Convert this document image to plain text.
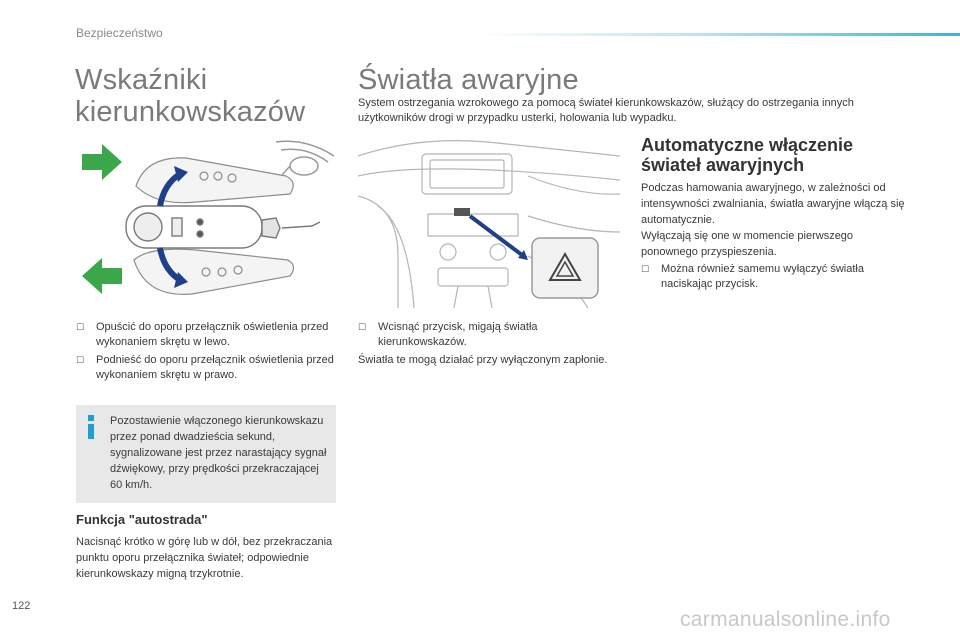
Bezpieczeństwo
Wskaźniki
kierunkowskazów
☐ Opuścić do oporu przełącznik oświetlenia przed wykonaniem skrętu w lewo.
☐ Podnieść do oporu przełącznik oświetlenia przed wykonaniem skrętu w prawo.
Pozostawienie włączonego kierunkowskazu przez ponad dwadzieścia sekund, sygnalizowane jest przez narastający sygnał dźwiękowy, przy prędkości przekraczającej 60 km/h.
Funkcja "autostrada"
Nacisnąć krótko w górę lub w dół, bez przekraczania punktu oporu przełącznika świateł; odpowiednie kierunkowskazy migną trzykrotnie.
Światła awaryjne
System ostrzegania wzrokowego za pomocą świateł kierunkowskazów, służący do ostrzegania innych użytkowników drogi w przypadku usterki, holowania lub wypadku.
☐ Wcisnąć przycisk, migają światła kierunkowskazów.
Światła te mogą działać przy wyłączonym zapłonie.
Automatyczne włączenie świateł awaryjnych
Podczas hamowania awaryjnego, w zależności od intensywności zwalniania, światła awaryjne włączą się automatycznie.
Wyłączają się one w momencie pierwszego ponownego przyspieszenia.
☐ Można również samemu wyłączyć światła naciskając przycisk.
122
carmanualsonline.info
